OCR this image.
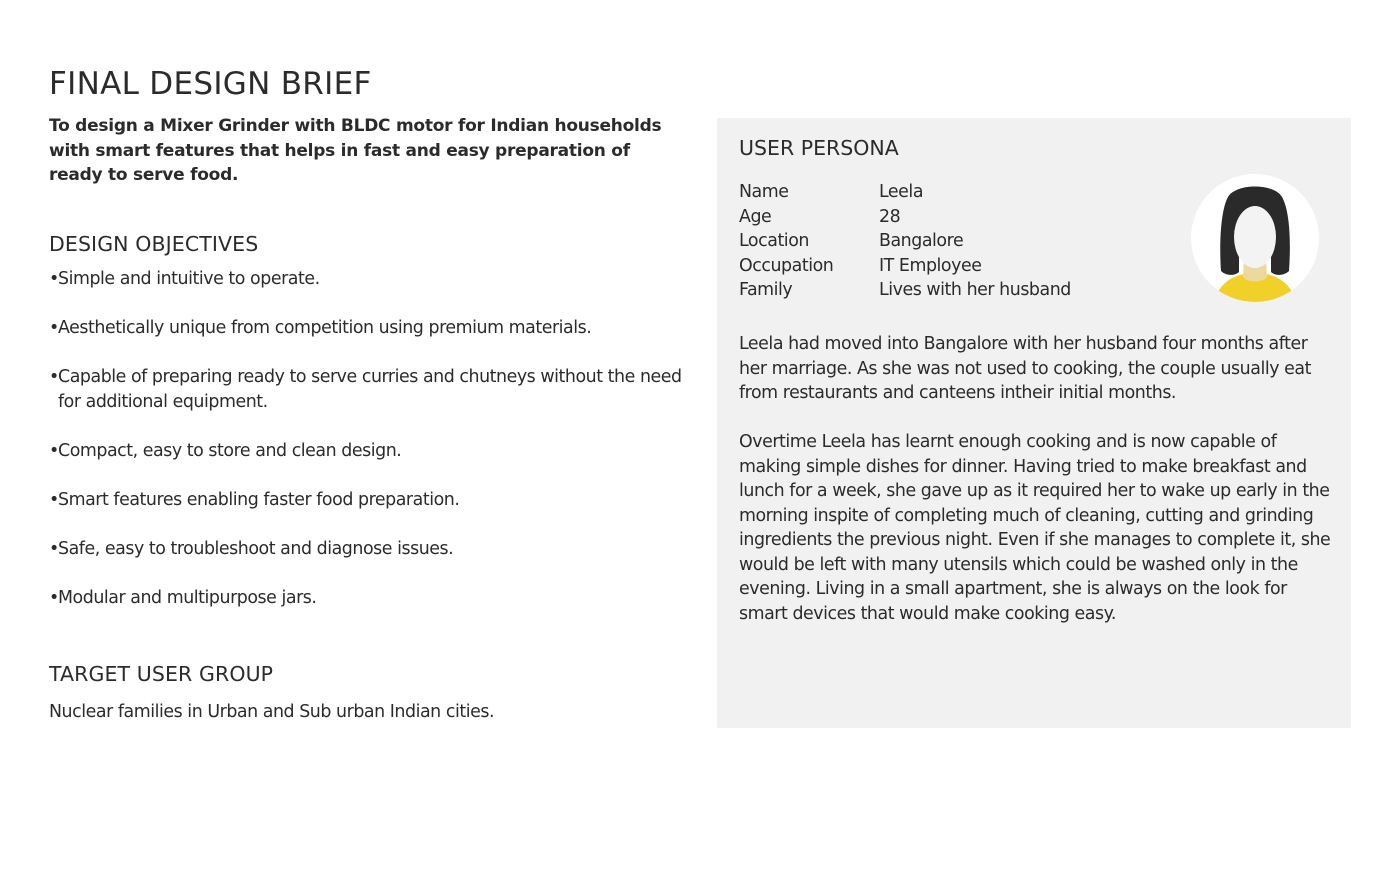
FINAL DESIGN BRIEF

To design a Mixer Grinder with BLDC motor for Indian households with smart features that helps in fast and easy preparation of ready to serve food.

DESIGN OBJECTIVES
• Simple and intuitive to operate.
• Aesthetically unique from competition using premium materials.
• Capable of preparing ready to serve curries and chutneys without the need for additional equipment.
• Compact, easy to store and clean design.
• Smart features enabling faster food preparation.
• Safe, easy to troubleshoot and diagnose issues.
• Modular and multipurpose jars.
TARGET USER GROUP

Nuclear families in Urban and Sub urban Indian cities.

USER PERSONA
Name	Leela
Age	28
Location	Bangalore
Occupation	IT Employee
Family	Lives with her husband

Leela had moved into Bangalore with her husband four months after her marriage. As she was not used to cooking, the couple usually eat from restaurants and canteens intheir initial months.

Overtime Leela has learnt enough cooking and is now capable of making simple dishes for dinner. Having tried to make breakfast and lunch for a week, she gave up as it required her to wake up early in the morning inspite of completing much of cleaning, cutting and grinding ingredients the previous night. Even if she manages to complete it, she would be left with many utensils which could be washed only in the evening. Living in a small apartment, she is always on the look for smart devices that would make cooking easy.
